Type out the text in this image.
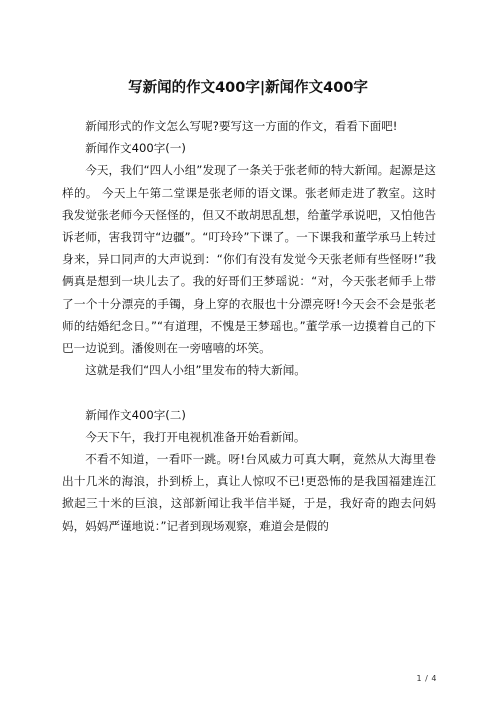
写新闻的作文400字|新闻作文400字

新闻形式的作文怎么写呢?要写这一方面的作文，看看下面吧!

新闻作文400字(一)

今天，我们“四人小组”发现了一条关于张老师的特大新闻。起源是这样的。 今天上午第二堂课是张老师的语文课。张老师走进了教室。这时我发觉张老师今天怪怪的，但又不敢胡思乱想，给董学承说吧，又怕他告诉老师，害我罚守“边疆”。“叮玲玲”下课了。一下课我和董学承马上转过身来，异口同声的大声说到：“你们有没有发觉今天张老师有些怪呀!”我俩真是想到一块儿去了。我的好哥们王梦瑶说：“对，今天张老师手上带了一个十分漂亮的手镯，身上穿的衣服也十分漂亮呀!今天会不会是张老师的结婚纪念日。”“有道理，不愧是王梦瑶也。”董学承一边摸着自己的下巴一边说到。潘俊则在一旁嘻嘻的坏笑。

这就是我们“四人小组”里发布的特大新闻。

新闻作文400字(二)

今天下午，我打开电视机准备开始看新闻。

不看不知道，一看吓一跳。呀!台风威力可真大啊，竟然从大海里卷出十几米的海浪，扑到桥上，真让人惊叹不已!更恐怖的是我国福建连江掀起三十米的巨浪，这部新闻让我半信半疑，于是，我好奇的跑去问妈妈，妈妈严谨地说：”记者到现场观察，难道会是假的

1 / 4
